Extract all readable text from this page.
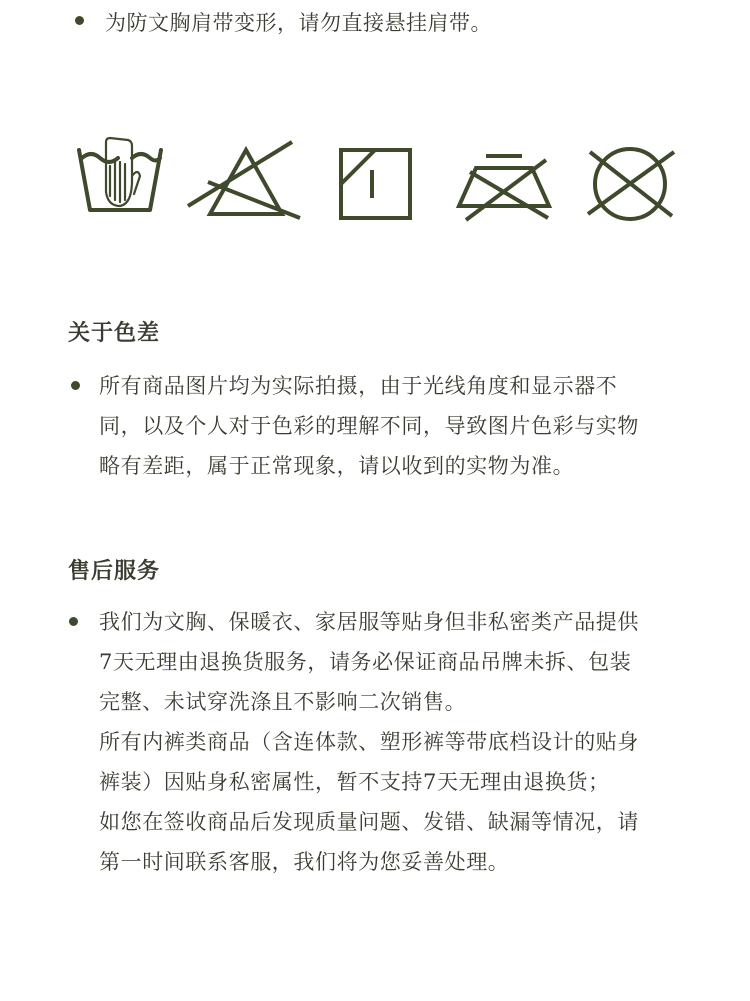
为防文胸肩带变形，请勿直接悬挂肩带。
关于色差
所有商品图片均为实际拍摄，由于光线角度和显示器不
同，以及个人对于色彩的理解不同，导致图片色彩与实物
略有差距，属于正常现象，请以收到的实物为准。
售后服务
我们为文胸、保暖衣、家居服等贴身但非私密类产品提供
7天无理由退换货服务，请务必保证商品吊牌未拆、包装
完整、未试穿洗涤且不影响二次销售。
所有内裤类商品（含连体款、塑形裤等带底档设计的贴身
裤装）因贴身私密属性，暂不支持7天无理由退换货；
如您在签收商品后发现质量问题、发错、缺漏等情况，请
第一时间联系客服，我们将为您妥善处理。
